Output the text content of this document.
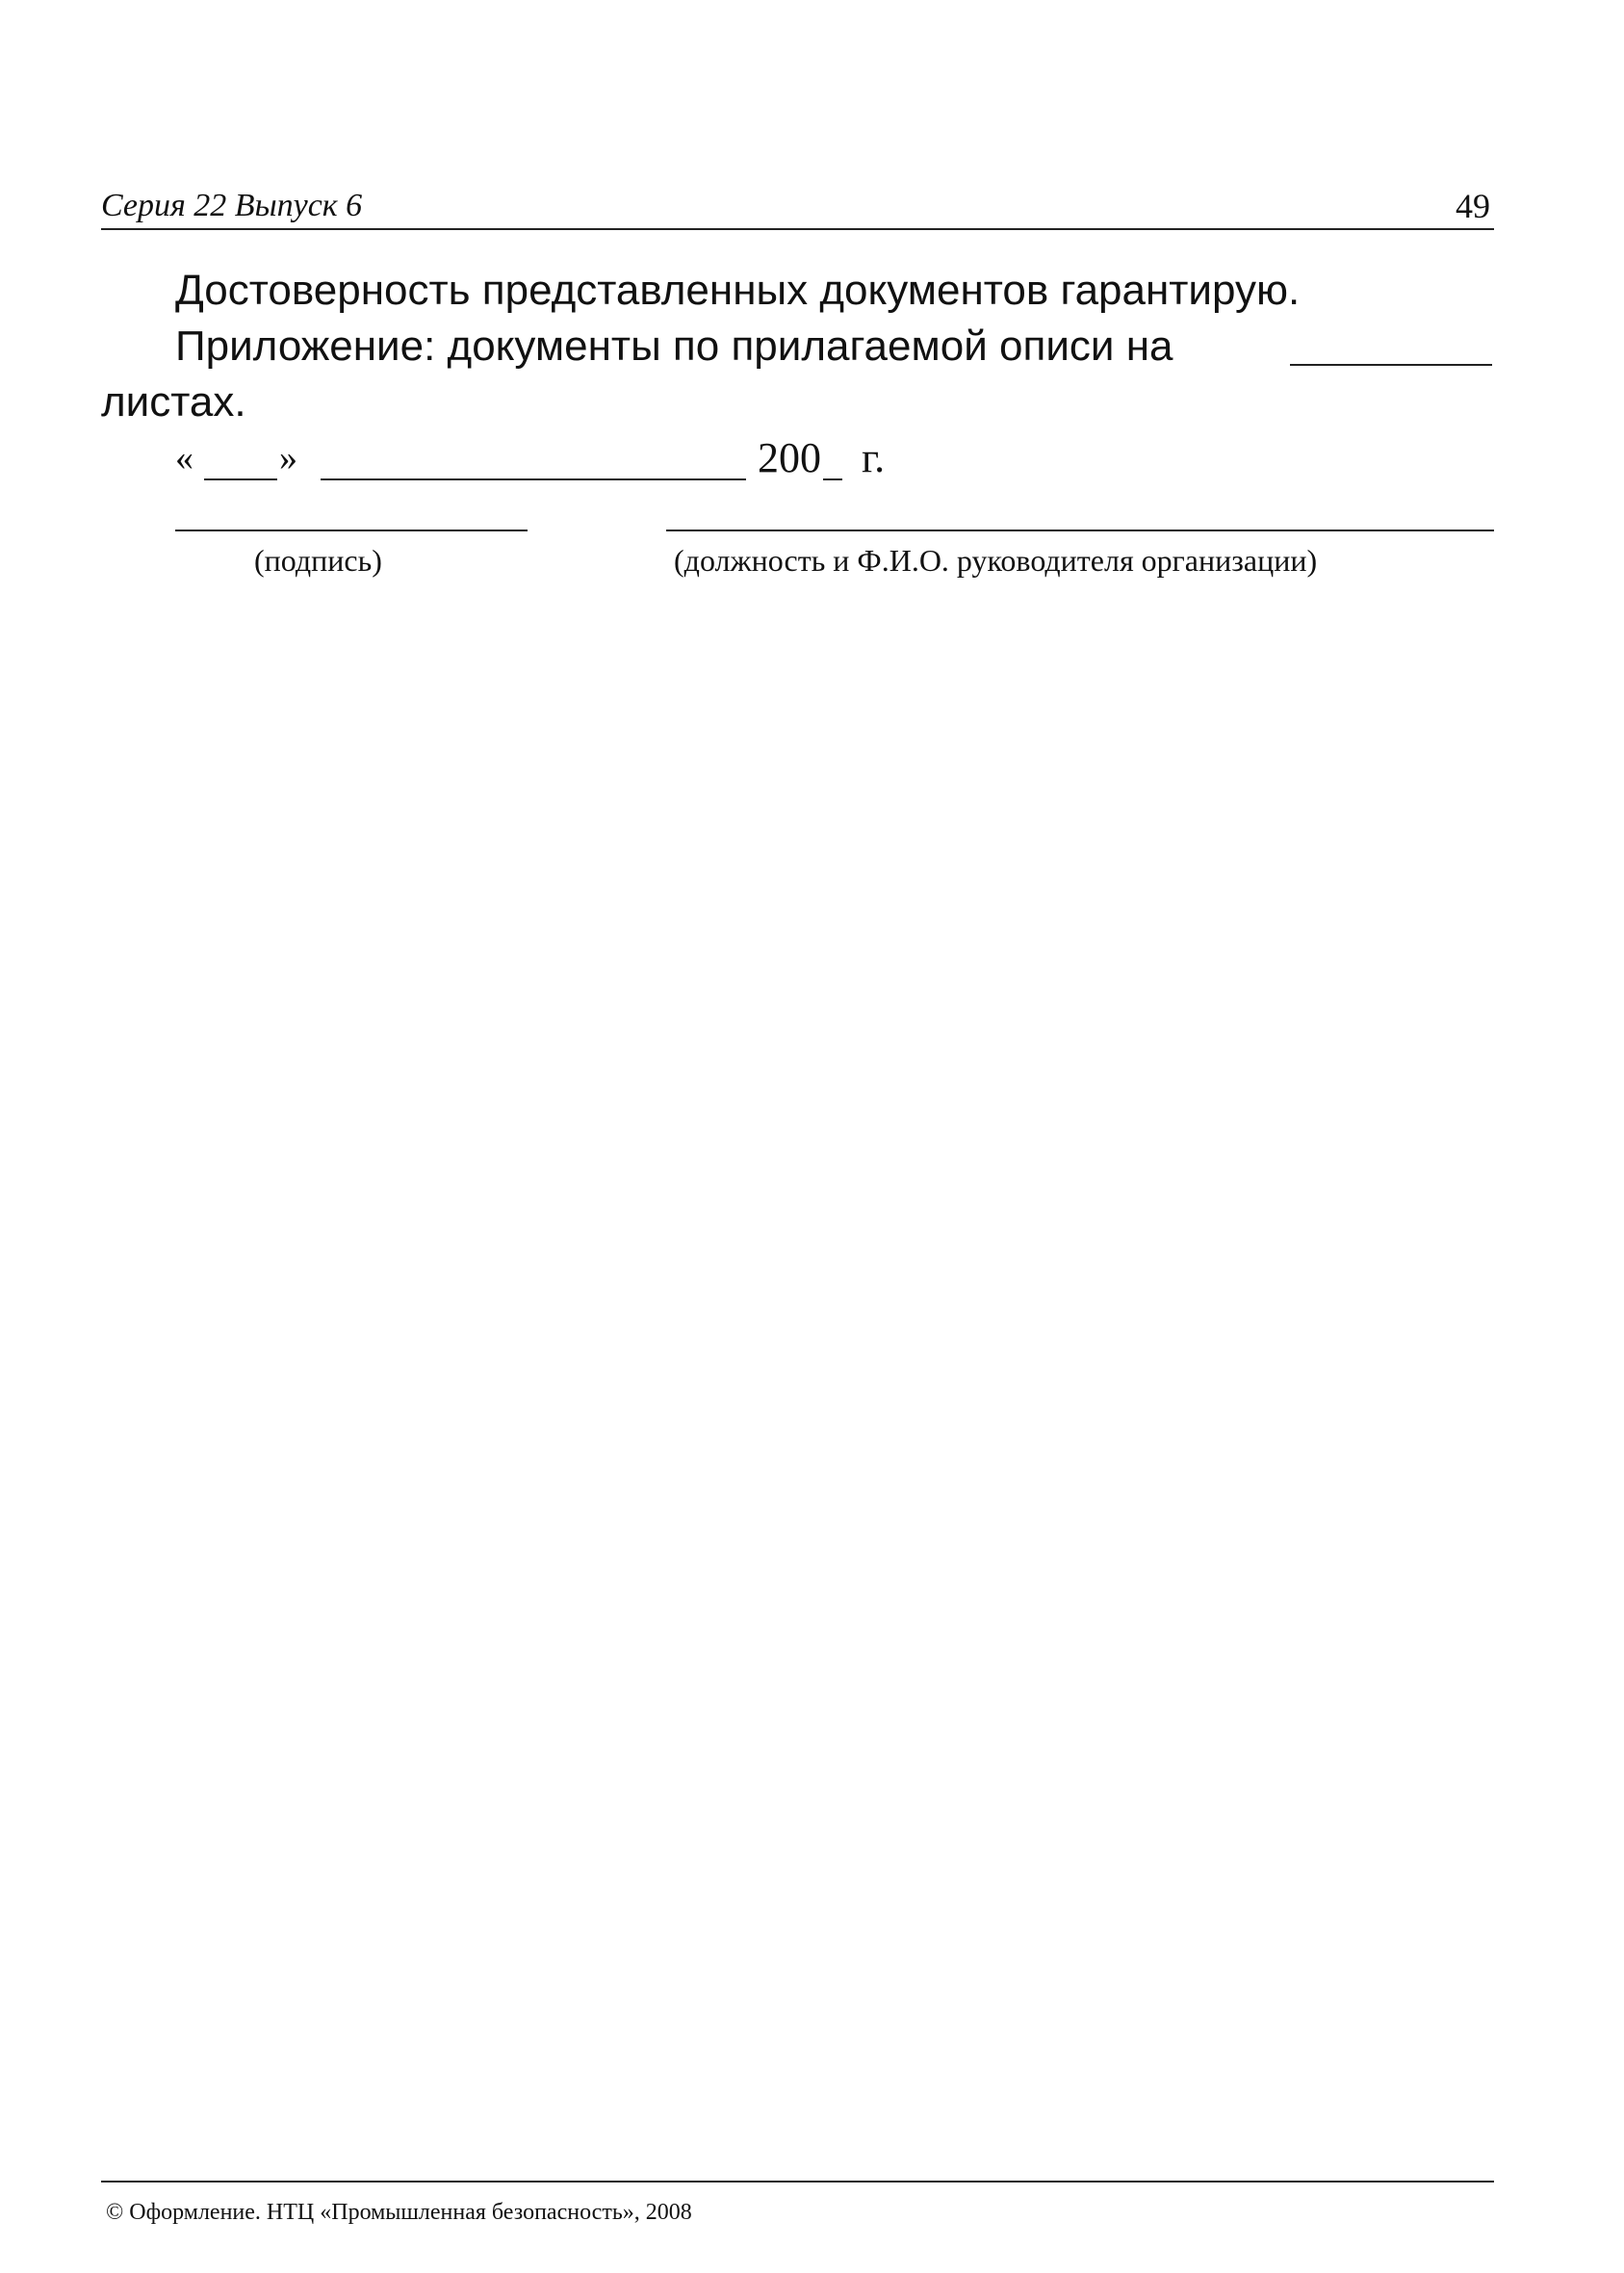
Серия 22 Выпуск 6	49
Достоверность представленных документов гарантирую.
Приложение: документы по прилагаемой описи на
листах.
« »	200 г.
(подпись)	(должность и Ф.И.О. руководителя организации)
© Оформление. НТЦ «Промышленная безопасность», 2008
